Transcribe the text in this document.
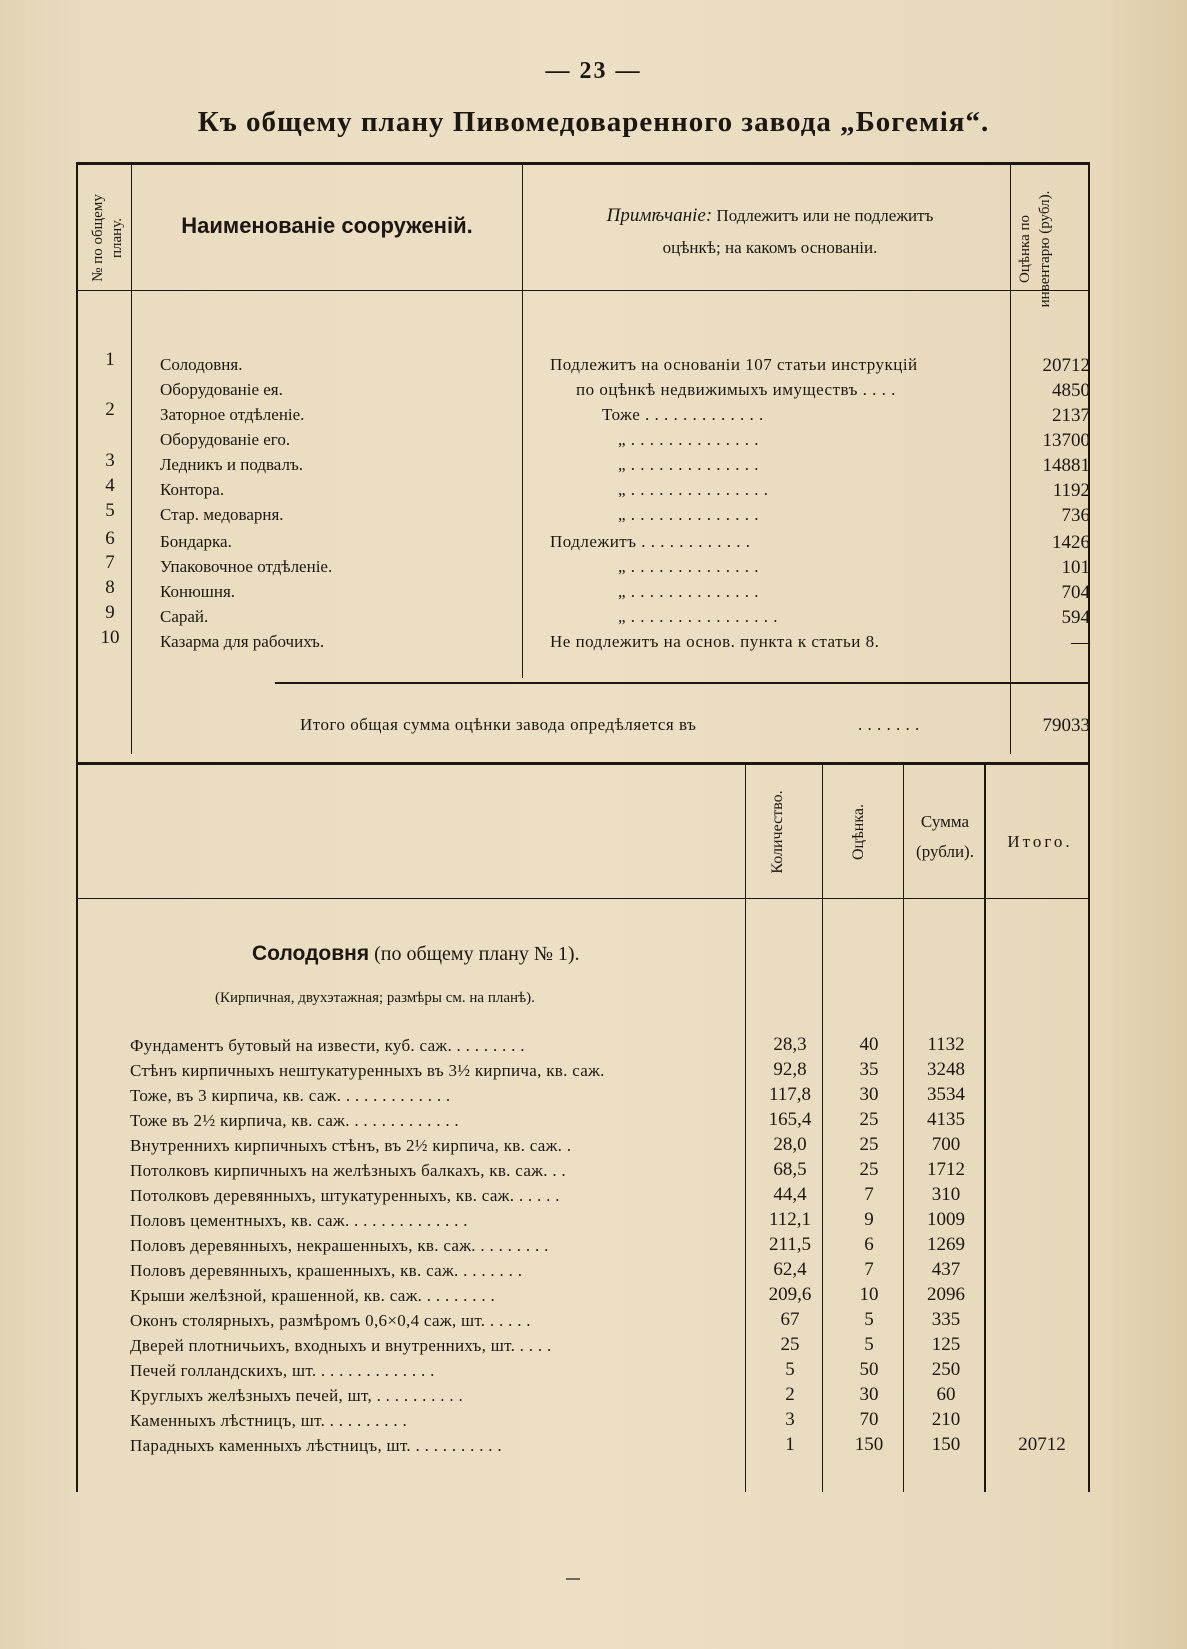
— 23 —
Къ общему плану Пивомедоваренного завода „Богемія“.
№ по общему плану.	Наименованіе сооруженій.	Примѣчаніе: Подлежитъ или не подлежитъ
оцѣнкѣ; на какомъ основаніи.	Оцѣнка по инвентарю (рубл).
1	Солодовня.	Подлежитъ на основаніи 107 статьи инструкцій	20712
Оборудованіе ея.	по оцѣнкѣ недвижимыхъ имуществъ . . . .	4850
2	Заторное отдѣленіе.	Тоже . . . . . . . . . . . . .	2137
Оборудованіе его.	„ . . . . . . . . . . . . . .	13700
3	Ледникъ и подвалъ.	„ . . . . . . . . . . . . . .	14881
4	Контора.	„ . . . . . . . . . . . . . . .	1192
5	Стар. медоварня.	„ . . . . . . . . . . . . . .	736
6	Бондарка.	Подлежитъ . . . . . . . . . . . .	1426
7	Упаковочное отдѣленіе.	„ . . . . . . . . . . . . . .	101
8	Конюшня.	„ . . . . . . . . . . . . . .	704
9	Сарай.	„ . . . . . . . . . . . . . . . .	594
10	Казарма для рабочихъ.	Не подлежитъ на основ. пункта к статьи 8.	—
Итого общая сумма оцѣнки завода опредѣляется въ	. . . . . . .	79033
Количество.	Оцѣнка.	Сумма
(рубли).
Итого.
Солодовня (по общему плану № 1).
(Кирпичная, двухэтажная; размѣры см. на планѣ).
Фундаментъ бутовый на извести, куб. саж. . . . . . . . .	28,3	40	1132
Стѣнъ кирпичныхъ нештукатуренныхъ въ 3½ кирпича, кв. саж.	92,8	35	3248
Тоже, въ 3 кирпича, кв. саж. . . . . . . . . . . . .	117,8	30	3534
Тоже въ 2½ кирпича, кв. саж. . . . . . . . . . . . .	165,4	25	4135
Внутреннихъ кирпичныхъ стѣнъ, въ 2½ кирпича, кв. саж. .	28,0	25	700
Потолковъ кирпичныхъ на желѣзныхъ балкахъ, кв. саж. . .	68,5	25	1712
Потолковъ деревянныхъ, штукатуренныхъ, кв. саж. . . . . .	44,4	7	310
Половъ цементныхъ, кв. саж. . . . . . . . . . . . . .	112,1	9	1009
Половъ деревянныхъ, некрашенныхъ, кв. саж. . . . . . . . .	211,5	6	1269
Половъ деревянныхъ, крашенныхъ, кв. саж. . . . . . . .	62,4	7	437
Крыши желѣзной, крашенной, кв. саж. . . . . . . . .	209,6	10	2096
Оконъ столярныхъ, размѣромъ 0,6×0,4 саж, шт. . . . . .	67	5	335
Дверей плотничьихъ, входныхъ и внутреннихъ, шт. . . . .	25	5	125
Печей голландскихъ, шт. . . . . . . . . . . . . .	5	50	250
Круглыхъ желѣзныхъ печей, шт, . . . . . . . . . .	2	30	60
Каменныхъ лѣстницъ, шт. . . . . . . . . .	3	70	210
Парадныхъ каменныхъ лѣстницъ, шт. . . . . . . . . . .	1	150	150	20712
